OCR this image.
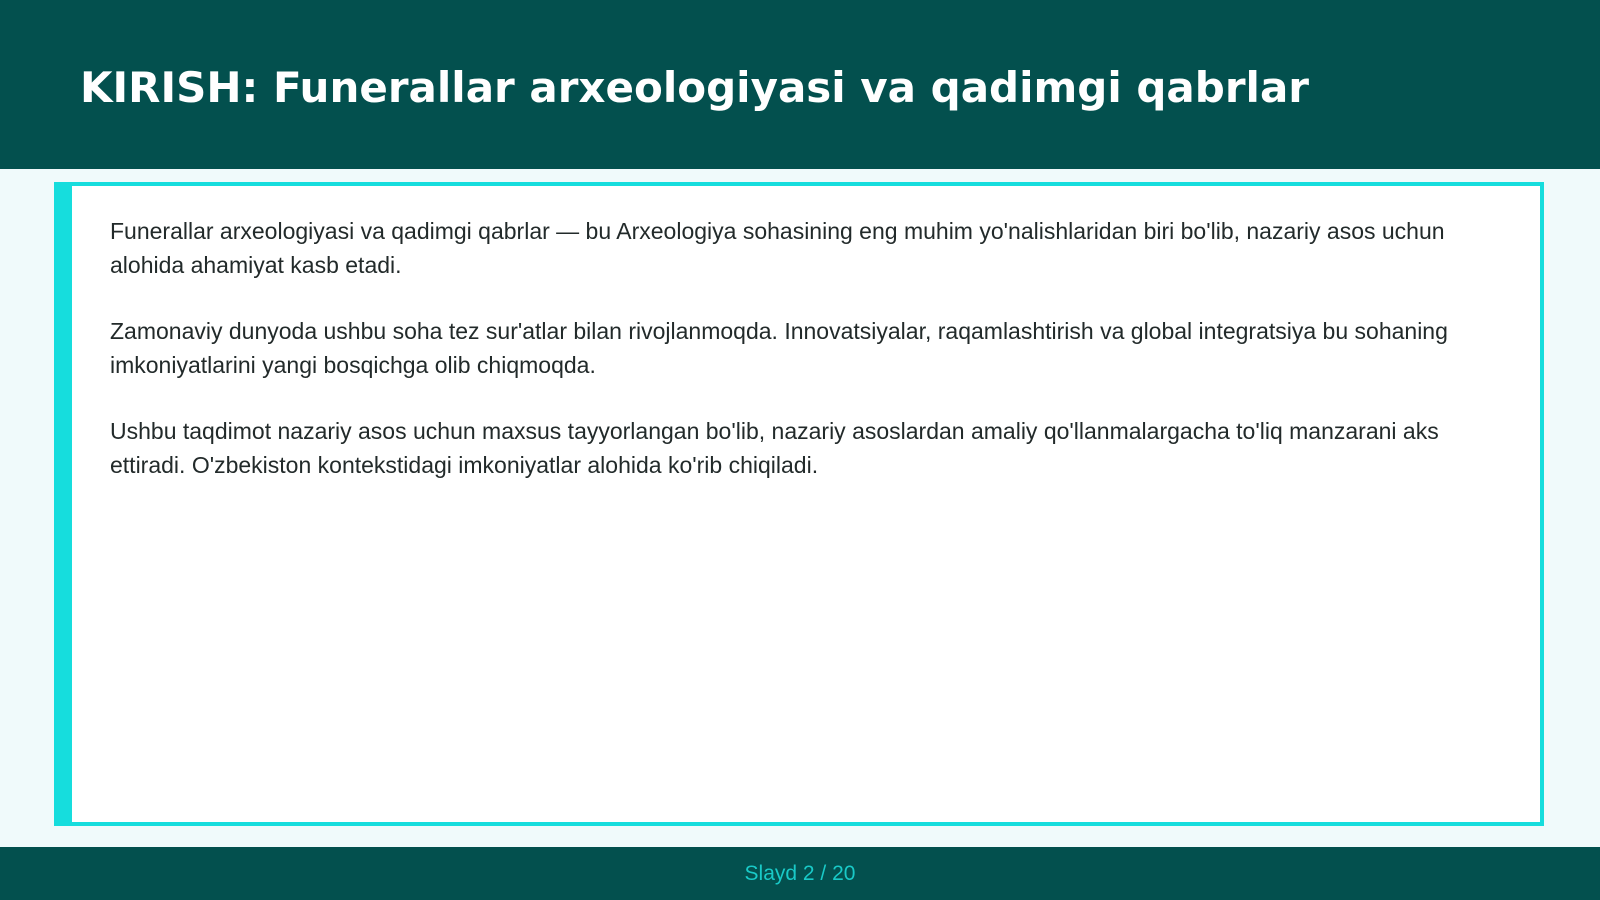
KIRISH: Funerallar arxeologiyasi va qadimgi qabrlar

Funerallar arxeologiyasi va qadimgi qabrlar — bu Arxeologiya sohasining eng muhim yo'nalishlaridan biri bo'lib, nazariy asos uchun alohida ahamiyat kasb etadi.

Zamonaviy dunyoda ushbu soha tez sur'atlar bilan rivojlanmoqda. Innovatsiyalar, raqamlashtirish va global integratsiya bu sohaning imkoniyatlarini yangi bosqichga olib chiqmoqda.

Ushbu taqdimot nazariy asos uchun maxsus tayyorlangan bo'lib, nazariy asoslardan amaliy qo'llanmalargacha to'liq manzarani aks ettiradi. O'zbekiston kontekstidagi imkoniyatlar alohida ko'rib chiqiladi.

Slayd 2 / 20
